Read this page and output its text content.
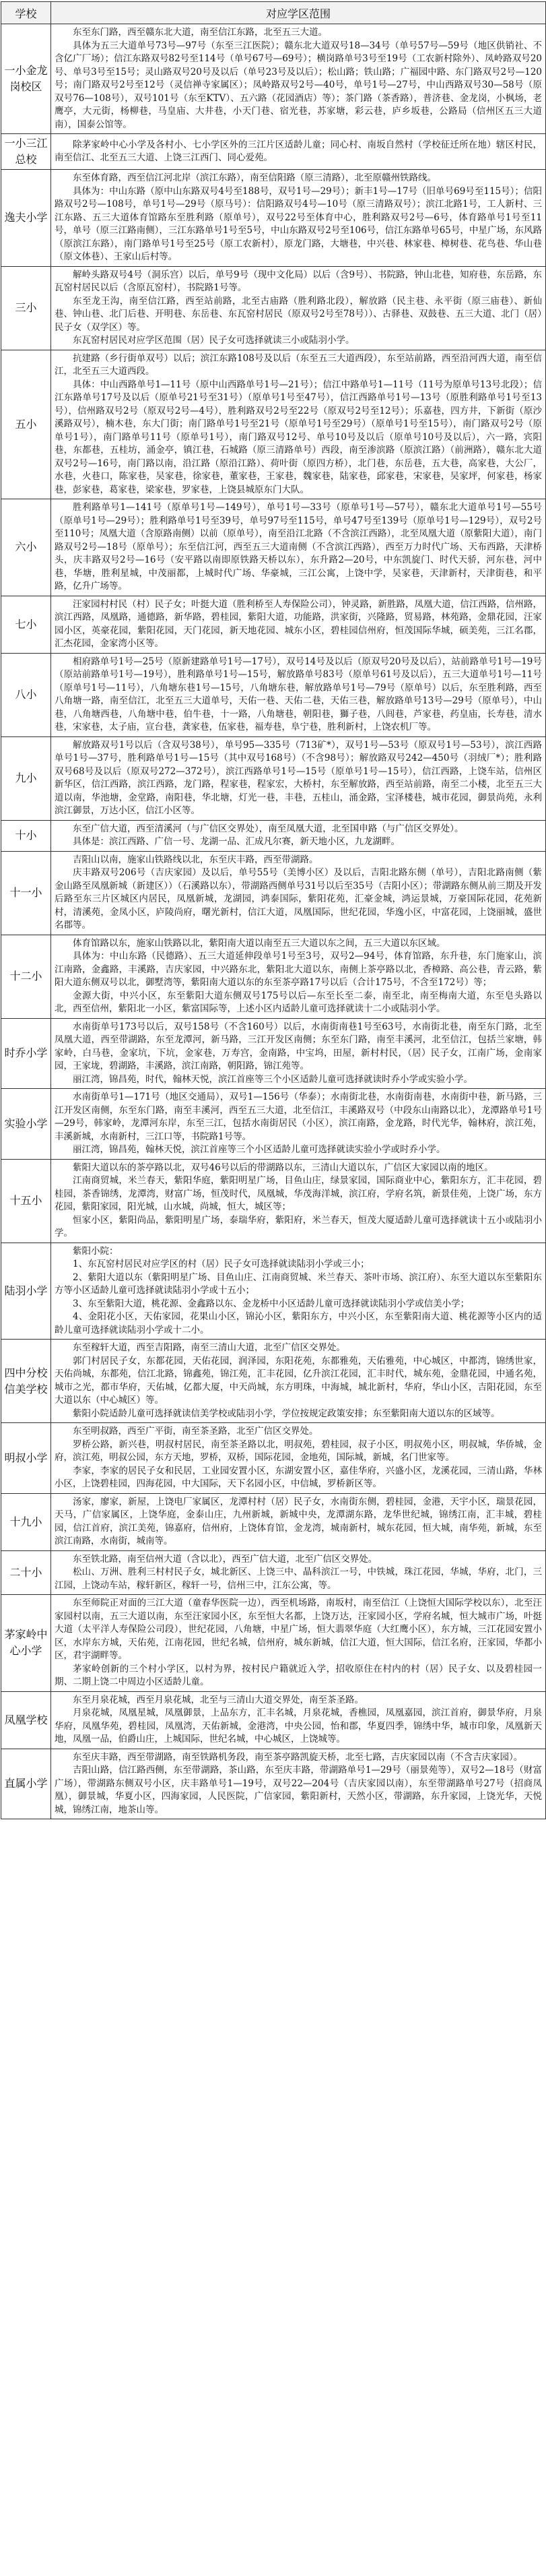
学校	对应学区范围
一小金龙岗校区	东至东门路，西至赣东北大道，南至信江东路，北至五三大道。

具体为五三大道单号73号—97号（东至三江医院）；赣东北大道双号18—34号（单号57号—59号（地区供销社、不含亿广厂场）；信江东路双号82号至114号（单号67号—69号）；横岗路单号3号至19号（工农新村除外）、凤岭路双号20号、单号3号至15号；灵山路双号20号及以后（单号23号及以后）；松山路；铁山路；广福园中路、东门路双号2号—120号；南门路双号2号至12号（灵信禅寺家属区）；凤岭路双号2号—40号，单号1号—27号，中山西路双号30—58号（原双号76—108号），双号101号（东至KTV）、五六路（花园酒店）等）；茶门路（茶香路），普济巷、金龙岗，小枫场，老鹰亭，大元街，杨柳巷，马皇庙、大井巷，小天门巷、宿光巷，苏家塘，彩云巷，庐乡坂巷，公路局（信州区五三大道南），国泰公馆等。

一小三江总校	除茅家岭中心小学及各村小、七小学区外的三江片区适龄儿童；同心村、南坂自然村（学校征迁所在地）辖区村民，南至信江、北至五三大道、上饶三江西门、同心爱苑。

逸夫小学	东至体育路，西至信江河北岸（滨江东路），南至信阳路（原三清路），北至原赣州铁路线。

具体为：中山东路（原中山东路双号4号至188号，双号1号—29号）；新丰1号—17号（旧单号69号至115号）；信阳路双号2号—108号，单号1号—29号（原马号）：信阳路双号4号—10号（原三清路双号）；滨江北路1号，工人新村、三江东路、五三大道体育馆路东至胜利路（原单号），双号22号至体育中心，胜利路双号2号—6号，体育路单号1号至11号，单号（原三江路南侧），三江东路单号1号至5号，中山东路双号2号至106号，信江东路单号65号，中星广场，东风路（原滨江东路），南门路单号1号至25号（原工农新村），原龙门路，大塘巷，中兴巷、林家巷、樟树巷、花鸟巷、华山巷（原文体巷）、王家山后村等。

三小	解岭头路双号4号（洞乐宫）以后，单号9号（现中文化局）以后（含9号）、书院路，钟山北巷，知府巷，东岳路，东瓦窑村居民以后（含原瓦窑村），书院路1号等。

东至龙王沟，南至信江路，西至站前路，北至古庙路（胜利路北段），解放路（民主巷、永平街（原三庙巷）、新仙巷、钟山巷、北门后巷、开明巷、东岳巷、东瓦窑村居民（原双号2号至78号））、古驿巷、双鼓巷、五三大道、北门（居）民子女（双学区）等。

东瓦窑村居民对应学区范围（居）民子女可选择就读三小或陆羽小学。

五小	抗建路（乡行街单双号）以后；滨江东路108号及以后（东至五三大道西段），东至站前路，西至沿河西大道，南至信江，北至五三大道西段。

具体：中山西路单号1—11号（原中山西路单号1号—21号）；信江中路单号1—11号（11号为原单号13号北段）；信江东路单号17号及以后（原单号21号至31号）（原单号1号至47号），信江西路单号1号—13号（原胜利路单号1号至13号），信州路双号2号（原双号2号—4号），胜利路双号2号至22号（原双号2号至12号）；乐嘉巷，四方井，下新街（原沙溪路双号），楠木巷，东大门街；南门路单号1号至21号（原单号1号至29号）（原单号1号至15号），南门路双号2号（原单号1号），南门路单号11号（原单号1号），南门路双号12号、单号10号及以后（原单号10号及以后），六一路，宾阳巷，东都巷，五桂坊，涌金亭，镇江巷，石城路（原三清路单号）西段，南至渗滨路（原滨江路）（前洲路），赣东北大道双号2号—16号，南门路以南，沿江路（原沿江路）、荷叶街（原四方桥），北门巷，东岳巷，五大巷，高家巷，大公厂，水巷，火巷口，陈家巷，吴家巷，徐家巷，董家巷，王家巷，魏家巷，陆家巷，邱家巷，宋家巷，吴家坪，何家巷，杨家巷，彭家巷，葛家巷，梁家巷，罗家巷，上饶县城原东门大队。

六小	胜利路单号1—141号（原单号1号—149号），单号1号—33号（原单号1号—57号），赣东北大道单号1号—55号（原单号1号—29号）；胜利路单号1号至39号，单号97号至115号，单号47号至139号（原单号1号—129号），双号2号至110号；凤凰大道（含原路南侧）以前（原单号），南至沿江北路（不含滨江西路），北至凤凰大道（原紫阳大道），南门路双号2号—18号（原单号）；东至信江河，西至五三大道南侧（不含滨江西路），西至万力时代广场、天布西路，天津桥头，庆丰路双号2号—16号（安平路以南即原铁路天桥以东），东升路2—20号，中东凯旋门、时代天骄，河东巷，河中巷，华塘，胜利星城，中茂丽都，上城时代广场、华豪城，三江公寓，上饶中学，吴家巷，天津新村，天津街巷，和平路，亿升广场等。

七小	汪家园村村民（村）民子女；叶挺大道（胜利桥至人寿保险公司），钟灵路，新胜路，凤凰大道，信江西路，信州路，滨江西路，凤凰路，通德路，新华路，碧桂园，紫阳大道，功能路，洪家街，兴隆路，贸易路，林苑路，金鼎花园，汪家园小区，英豪花园，紫阳花园，天门花园，新天地花园、城东小区，碧桂园信州府，恒茂国际华城，硕美苑，三江名郡，汇杰花园，金家湾小区等。

八小	相府路单号1号—25号（原新建路单号1号—17号），双号14号及以后（原双号20号及以后），站前路单号1号—19号（原站前路单号1号—19号），胜利路单号1号—15号，解放路单号83号（原单号61号及以后），五三大道单号1号—11号（原单号1号—11号），八角塘东巷1号—15号，八角塘东巷，解放路单号1号—79号（原单号）以后，东至胜利路，西至八角塘一路，南至信江，北至五三大道单号，天佑一巷、天佑二巷，天佑三巷，解放路单号13号—29号（原单号），中山巷，八角塘西巷，八角塘中巷，伯牛巷，十一路，八角塘巷，朝阳巷，獅子巷，八闾巷，芦家巷，药皇庙，长寿巷，清水巷，宋家巷，太子庙，宣台巷，龚家巷，伍家巷，福寿巷，阜宁巷，胜利新村，上饶农机厂等。

九小	解放路双号1号以后（含双号38号），单号95—335号（713矿*），双号1号—53号（原双号1号—53号），滨江西路单号1号—37号，胜利路单号1号—15号（其中双号168号）（不含98号）；解放路双号242—450号（羽绒厂*）；胜利路双号68号及以后（原双号272—372号），滨江西路单号1号—15号（原单号1号—15号），信江西路，上饶车站，信州区新华区，信江西路，滨江西路，龙门路，程家巷，程家宏，大桥村，东至解放路，西至站前路，南至二小楼，北至五三大道以南，华池塘，金堂路，南阳巷，华北塘，灯光一巷，丰巷，五桂山，涌金路，宝泽楼巷，城市花园，御景尚苑，永利滨江御景，万达小区，信江小区等。

十小	东至广信大道，西至清溪河（与广信区交界处），南至凤凰大道，北至国申路（与广信区交界处）。

具体是：滨江西路、广信一号、龙湖一品、汇成凡尔赛，新天地小区，九龙湖畔。

十一小	吉阳山以南，施家山铁路线以北，东至庆丰路，西至带湖路。

庆丰路双号206号（吉庆家园）及以后，单号55号（美博小区）及以后，吉阳北路东侧（单号），吉阳北路南侧（紫金山路至凤凰新城（新建区））（石溪路以东），带湖路西侧单号31号以后至35号（吉阳小区）；带湖路东侧从前三期及开发后路至东三片区城区内居民，凤凰新城，龙湖园，鸿泰国际，紫阳花苑，汇豪金城，鸿运景城，万豪国际花园，花苑新村，清溪苑，金凤小区，庐陵尚府，曙光新村，信江大道，凤凰国际，世纪花园，华逸小区，中富花园，上饶丽城，盛世名郡等。

十二小	体育馆路以东，施家山铁路以北，紫阳南大道以南至五三大道以东之间，五三大道以东区域。

具体为：中山东路（民德路）、五三大道延伸段单号1号至3号，双号2—94号，体育馆路，东升巷，东门施家山，滨江南路，金鑫路，丰溪路，吉庆家园，中兴路东北，紫阳北大道以东，南侧上茶亭路以北，香樟路、高公巷，青云路，紫阳大道东侧双号以北，御墅湾等，紫阳南大道以东的东至茶亭路17号以后（合计175号，不含至172号）等；

金源大街，中兴小区，东至紫阳大道东侧双号175号以后—东至长至二泰，南至北，南至梅南大道，东至皂头路以北，西至信州，紫阳北一小区，紫富国际等，上述小区内适龄儿童可选择就读十二小或陆羽小学。

时乔小学	水南街单号173号以后，双号158号（不含160号）以后，水南街南巷1号至63号，水南街北巷，南至东门路，北至凤凰大道，西至带湖路，东至龙潭河，新马路，三江开发区南侧；东至东门路，南至丰溪河，北至信江，包括兰家塘，韩家岭，白马巷，金家坑，下坑，金家巷，万寿宫，金南路，中宝坞，田屋，新村村民，（居）民子女，江南广场，金南家园，王家垅，碧湖路，丰溪路，滨江南路，朝阳路，锦江苑等。

丽江湾，锦昌苑，时代，翰林天悦，滨江首座等三个小区适龄儿童可选择就读时乔小学或实验小学。

实验小学	水南街单号1—171号（地区交通局），双号1—156号（华泰）；水南街北巷，水南街南巷，水南街中巷，新马路，三江开发区南侧，东至东门路，南至丰溪河，西至五三大道，北至信江，丰溪路双号（中段东山南路以北），龙潭路单号1号—29号，韩家岭，龙潭河东岸，东至三江，包括水南街居民（小区），滨江南路，金龙路，时代光华，翰林府，滨江苑，丰溪新城，水南新村，三江口等，书院路1号等。

丽江湾，锦昌苑，翰林天悦，滨江首座等三个小区适龄儿童可选择就读实验小学或时乔小学。

十五小	紫阳大道以东的茶亭路以北，双号46号以后的带湖路以东，三清山大道以东，广信区大家园以南的地区。

江南商贸城，米兰春天，紫阳华庭，紫阳明星广场，目鱼山庄，绿景家园，国际商业中心，紫阳东方，汇丰花园，碧桂园，茶香锦绣，龙潭湾，财富广场，恒茂时代，凤凰城，华茂海洋城，滨江府，学府名筑，新景佳苑，上饶广场，东方花园，紫阳家园，阳光城，山水城，尚城，恒大，城区等；

恒家小区，紫阳尚品，紫阳明星广场，泰瑞华府，紫阳府，米兰春天，恒茂大厦适龄儿童可选择就读十五小或陆羽小学。

陆羽小学	紫阳小院：

1、东瓦窑村居民对应学区的村（居）民子女可选择就读陆羽小学或三小；

2、紫阳大道以东（紫阳明星广场、目鱼山庄、江南商贸城、米兰春天、茶叶市场、滨江府）、东至大道以东至紫阳东方等小区适龄儿童可选择就读陆羽小学或十五小；

3、东至紫阳大道，桃花源、金鑫路以东、金龙桥中小区适龄儿童可选择就读陆羽小学或信美小学；

4、金阳花小区，天佑家园，花果山小区，锦沁小区，紫阳东方，中兴小区，东至紫阳南大道、桃花源等小区内的适龄儿童可选择就读陆羽小学或十二小。

四中分校信美学校	东至稼轩大道，西至吉阳路，南至三清山大道，北至广信区交界处。

郭门村居民子女，东都花园，天佑花园，润泽园，东阳花苑，东都雅苑，天佑雅苑，中心城区，中都湾，锦绣世家，天佑尚城，东都苑，信江北路，锦鑫苑，锦江苑，汇丰花园，亿升滨江花园，汇丰时代，城东苑，金鼎花园，中通名苑，城市之光，都市华府，天佑城，亿都大厦，中天尚城，东方明珠，中海城，城北新村，华府，华山小区，吉阳花园，东至大道以东（中心城区）等。

紫阳小院适龄儿童可选择就读信美学校或陆羽小学，学位按规定政策安排；东至紫阳南大道以东的区域等。

明叔小学	东至明叔路，西至广平街，南至茶圣路，北至广信区交界处。

罗桥公路，新兴巷，明叔村居民，南至茶圣路以北，明叔苑，碧桂园，叔子小区，明叔苑小区，明叔城，华侨城，金府，滨江苑，明叔公园，东方天地，罗桥，双桥，国际花园，金地苑，国际城，新城，名门世家等。

李家，李家的居民子女和民居，工业园安置小区，东湖安置小区，嘉佳华府，兴盛小区，龙溪花园，三清山路，华林小区，上饶碧桂园，四海花园，中大国际，天下名园小区，中信城，罗桥新区等。

十九小	汤家，廖家，新屋，上饶电厂家属区，龙潭村村（居）民子女，水南街东侧，碧桂园，金港，天宇小区，瑞景花园，天马，广信家属区，上饶华庭，金泰山庄，九州新城，新城中央，龙潭湖东路，龙华世纪城，锦绣江南，汇丰城，碧桂园，信江首府，滨江美苑，锦嘉府，信州府，上饶体育馆，金龙湾，城南新村，城东花园，恒大城，南华苑，新城，东至滨江南路，水南街，城南等。

二十小	东至铁北路，南至信州大道（含以北），西至广信大道，北至广信区交界处。

松山、万洲、胜利三村村民子女，城北新区、上饶三中、晶科滨江一号，中铁城，珠江花园，华城，华府，北门，三江园，上饶动车站，稼轩新区，稼轩一号，信州三中，江东公寓，等。

茅家岭中心小学	东至师院正对面的三江大道（童春华医院一边），西至机场路，南坂村，南至信江（上饶恒大国际学校以东），北至汪家园村以南，五三大道以南，东至汪家园小区，东至恒大名都，上饶万达，汪家园小区，学府名城，恒大城市广场，叶挺大道（太平洋人寿保险公司段），世纪花园，八角塘，中星广场，恒大翡翠华庭（大红鹰小区），东方城，三江花园安置小区，水岸东方城，天佑苑，江南花园，世纪名城，信州府，城东新城，信江大道，恒大国际，信江名府，汪家园，华都小区，君宇湖畔等。

茅家岭创新的三个村小学区，以村为界，按村民户籍就近入学，招收原住在村内的村（居）民子女、以及碧桂园一期、二期上饶二中周边小区适龄儿童。

凤凰学校	东至月泉花城，西至月泉花城，北至与三清山大道交界处，南至茶圣路。

月泉花城，凤凰星城，凤凰御景，上品东方，汇丰名城，月泉花城，香樵园，凤凰嘉园，滨江首府，御景华府，月泉华府，凤凰华苑，碧桂园，凤凰湾，天佑新城，金港湾，中央公园，怡和郡，华夏四季，锦绣中华，城市印象，凤凰新天地，凤凰一品，伯爵山庄，上城国际，世纪名城，中心城区，上饶城等。

直属小学	东至庆丰路，西至带湖路，南至铁路机务段，南至茶亭路凯旋天桥，北至七路，吉庆家园以南（不含吉庆家园）。

吉阳山路，信江路西侧，东至带湖路，茶山路，东至庆丰路，带湖路单号1—29号（丽景苑等），双号2—18号（财富广场），带湖路东侧双号小区，庆丰路单号1—19号，双号22—204号（吉庆家园以南），东至带湖路单号27号（招商凤凰），御景城，华夏小区，四海家园，人民医院，广信家园，紫阳新村，天然小区，带湖路，东升家园，上饶光华，天悦城，锦绣江南，地茶山等。
